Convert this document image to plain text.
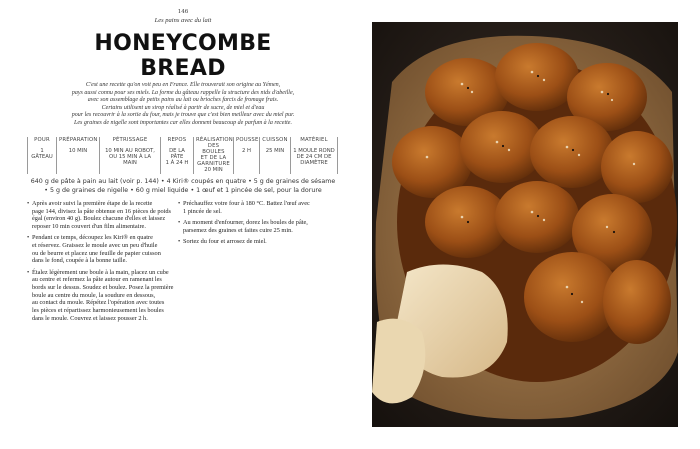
146
Les pains avec du lait
HONEYCOMBE
BREAD
C'est une recette qu'on voit peu en France. Elle trouverait son origine au Yémen,
pays aussi connu pour ses miels. La forme du gâteau rappelle la structure des nids d'abeille,
avec son assemblage de petits pains au lait ou brioches farcis de fromage frais.
Certains utilisent un sirop réalisé à partir de sucre, de miel et d'eau
pour les recouvrir à la sortie du four, mais je trouve que c'est bien meilleur avec du miel pur.
Les graines de nigelle sont importantes car elles donnent beaucoup de parfum à la recette.
POUR
1 GÂTEAU
PRÉPARATION
10 MIN
PÉTRISSAGE
10 MIN AU ROBOT,
OU 15 MIN À LA MAIN
REPOS
DE LA PÂTE
1 À 24 H
RÉALISATION
DES BOULES
ET DE LA
GARNITURE
20 MIN
POUSSE
2 H
CUISSON
25 MIN
MATÉRIEL
1 MOULE ROND
DE 24 CM DE
DIAMÈTRE
640 g de pâte à pain au lait (voir p. 144) • 4 Kiri® coupés en quatre • 5 g de graines de sésame
• 5 g de graines de nigelle • 60 g miel liquide • 1 œuf et 1 pincée de sel, pour la dorure
• Après avoir suivi la première étape de la recette
page 144, divisez la pâte obtenue en 16 pièces de poids
égal (environ 40 g). Boulez chacune d'elles et laissez
reposer 10 min couvert d'un film alimentaire.
• Pendant ce temps, découpez les Kiri® en quatre
et réservez. Graissez le moule avec un peu d'huile
ou de beurre et placez une feuille de papier cuisson
dans le fond, coupée à la bonne taille.
• Étalez légèrement une boule à la main, placez un cube
au centre et refermez la pâte autour en ramenant les
bords sur le dessus. Soudez et boulez. Posez la première
boule au centre du moule, la soudure en dessous,
au contact du moule. Répétez l'opération avec toutes
les pièces et répartissez harmonieusement les boules
dans le moule. Couvrez et laissez pousser 2 h.
• Préchauffez votre four à 180 °C. Battez l'œuf avec
1 pincée de sel.
• Au moment d'enfourner, dorez les boules de pâte,
parsemez des graines et faites cuire 25 min.
• Sortez du four et arrosez de miel.
